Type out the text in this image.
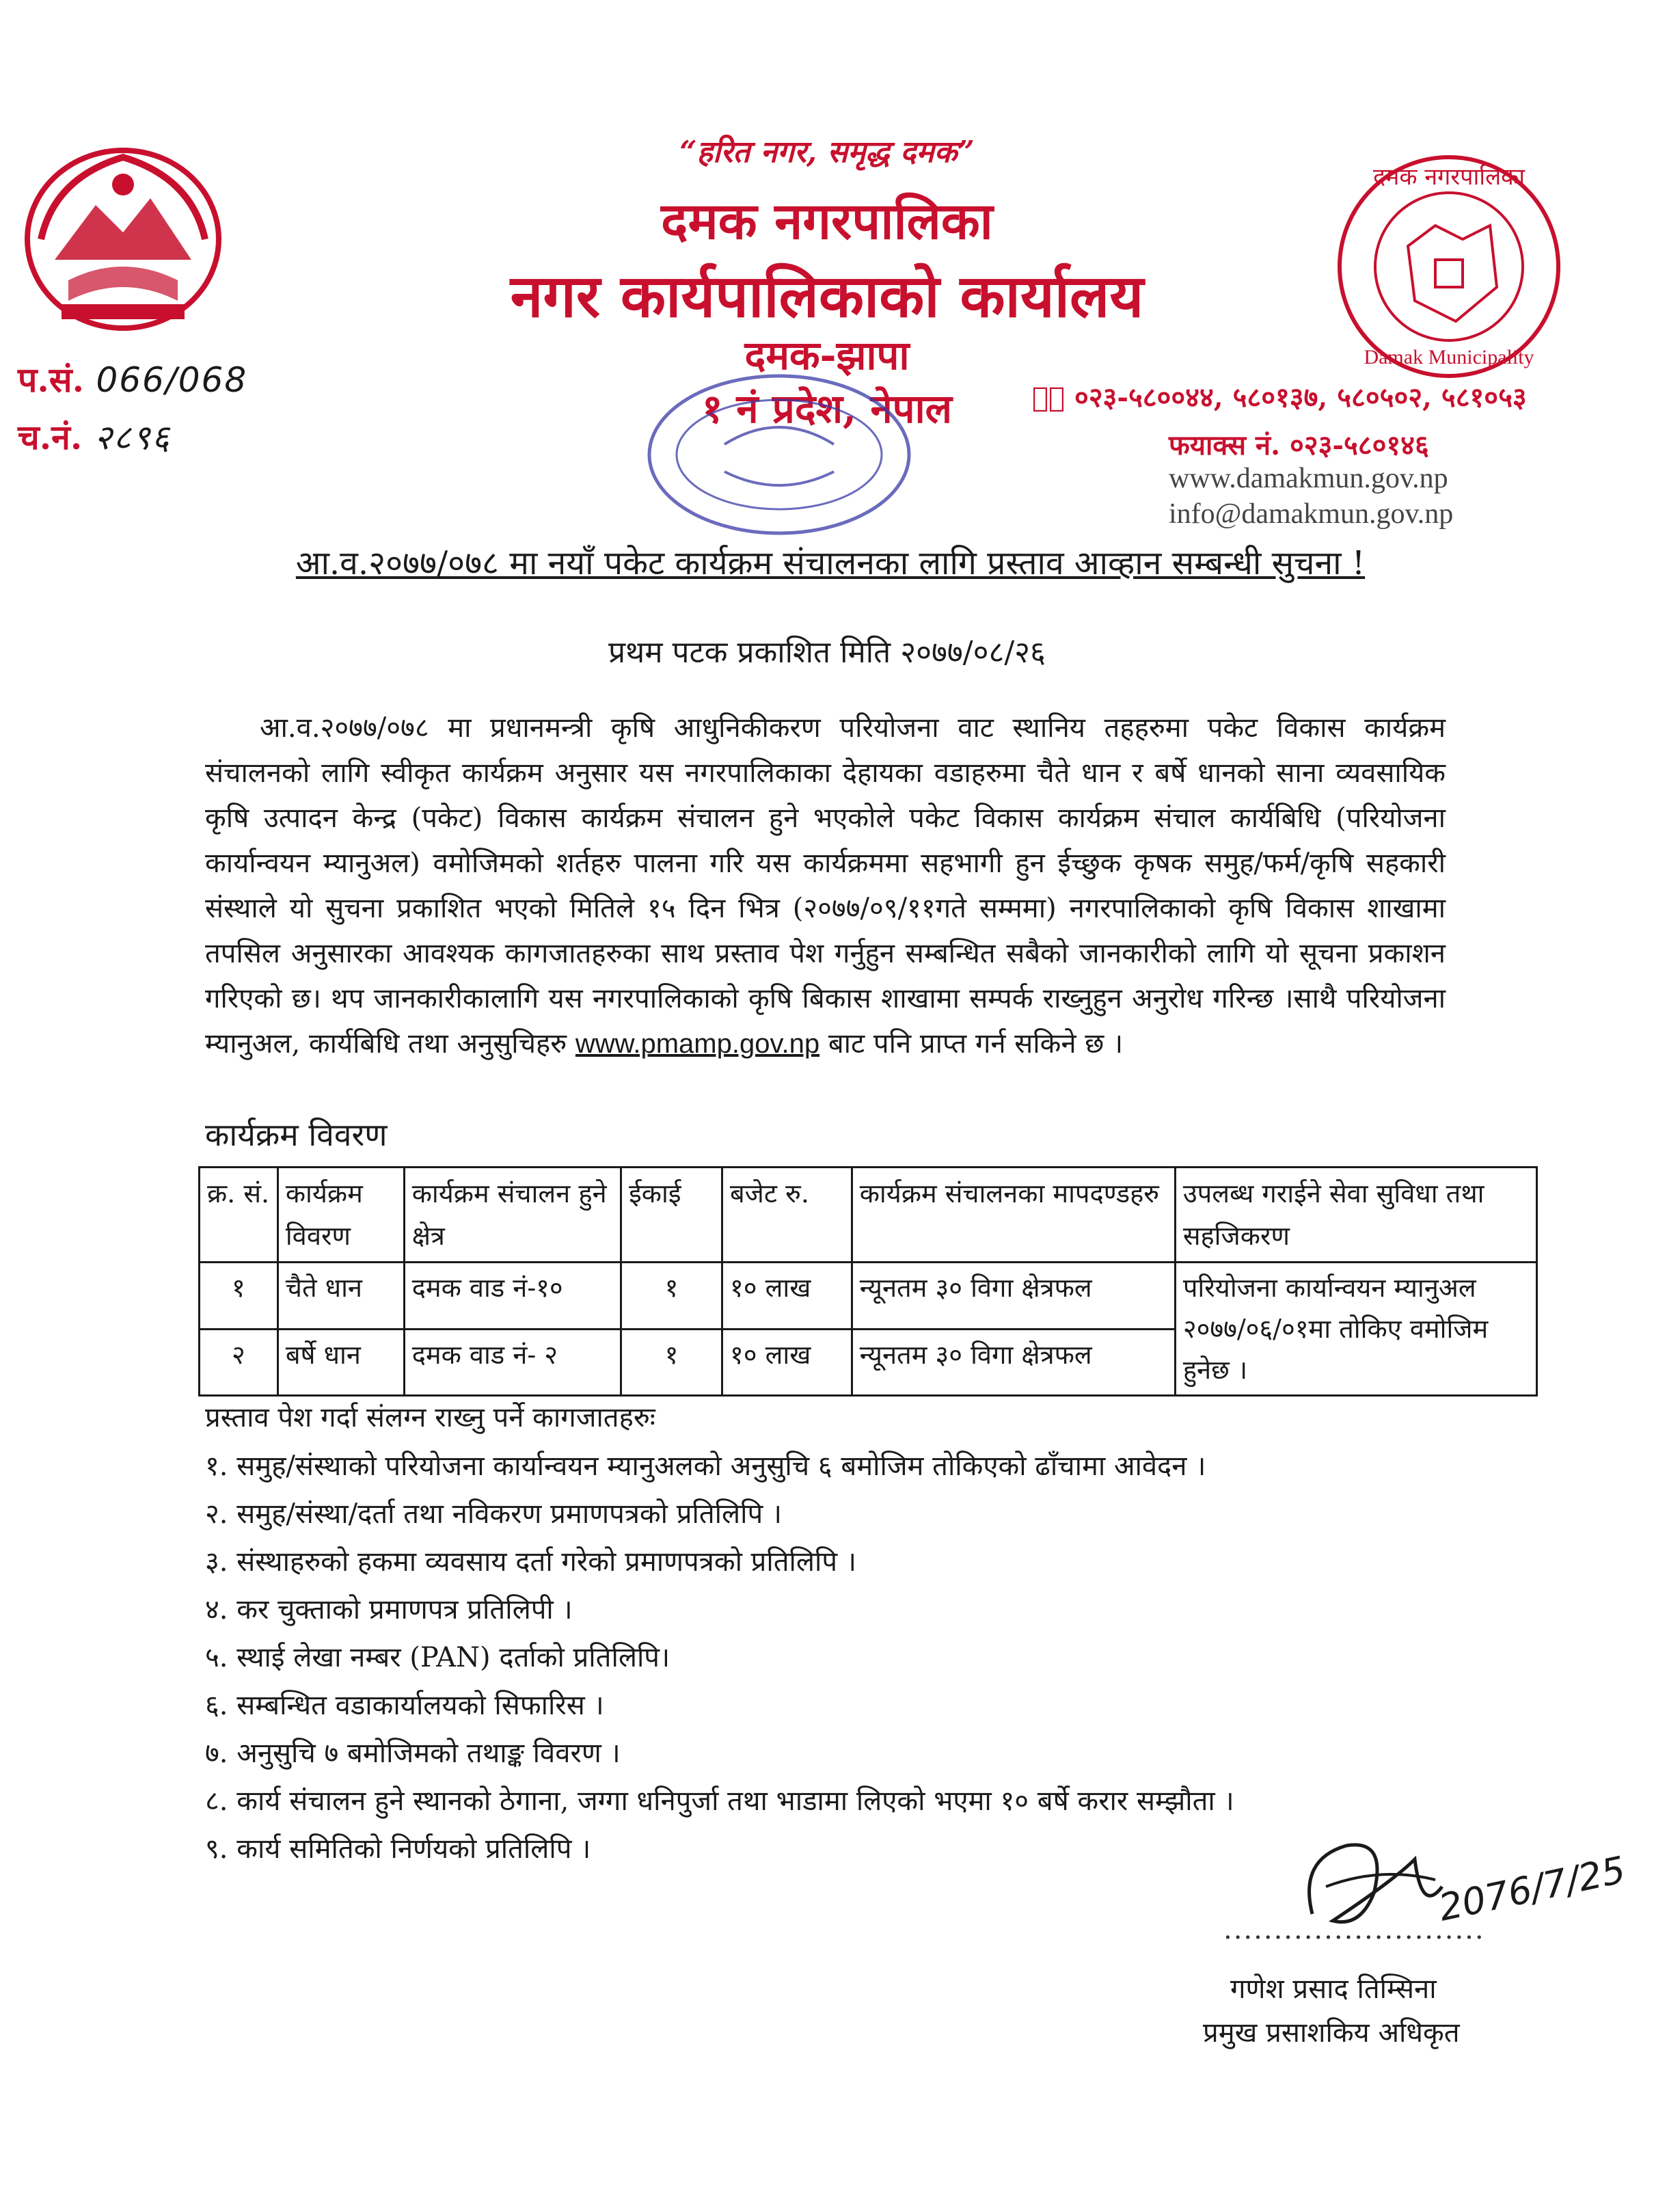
दमक नगरपालिका
Damak Municipality
“हरित नगर, समृद्ध दमक”
दमक नगरपालिका
नगर कार्यपालिकाको कार्यालय
दमक-झापा
१ नं प्रदेश, नेपाल
प.सं. 066/068
च.नं. २८९६
☎ः ०२३-५८००४४, ५८०१३७, ५८०५०२, ५८१०५३
फयाक्स नं. ०२३-५८०१४६
www.damakmun.gov.np
info@damakmun.gov.np
आ.व.२०७७/०७८ मा नयाँ पकेट कार्यक्रम संचालनका लागि प्रस्ताव आव्हान सम्बन्धी सुचना !
प्रथम पटक प्रकाशित मिति २०७७/०८/२६
आ.व.२०७७/०७८ मा प्रधानमन्त्री कृषि आधुनिकीकरण परियोजना वाट स्थानिय तहहरुमा पकेट विकास कार्यक्रम संचालनको लागि स्वीकृत कार्यक्रम अनुसार यस नगरपालिकाका देहायका वडाहरुमा चैते धान र बर्षे धानको साना व्यवसायिक कृषि उत्पादन केन्द्र (पकेट) विकास कार्यक्रम संचालन हुने भएकोले पकेट विकास कार्यक्रम संचाल कार्यबिधि (परियोजना कार्यान्वयन म्यानुअल) वमोजिमको शर्तहरु पालना गरि यस कार्यक्रममा सहभागी हुन ईच्छुक कृषक समुह/फर्म/कृषि सहकारी संस्थाले यो सुचना प्रकाशित भएको मितिले १५ दिन भित्र (२०७७/०९/११गते सम्ममा) नगरपालिकाको कृषि विकास शाखामा तपसिल अनुसारका आवश्यक कागजातहरुका साथ प्रस्ताव पेश गर्नुहुन सम्बन्धित सबैको जानकारीको लागि यो सूचना प्रकाशन गरिएको छ। थप जानकारीकालागि यस नगरपालिकाको कृषि बिकास शाखामा सम्पर्क राख्नुहुन अनुरोध गरिन्छ ।साथै परियोजना म्यानुअल, कार्यबिधि तथा अनुसुचिहरु www.pmamp.gov.np बाट पनि प्राप्त गर्न सकिने छ ।
कार्यक्रम विवरण
क्र. सं.	कार्यक्रम विवरण	कार्यक्रम संचालन हुने क्षेत्र	ईकाई	बजेट रु.	कार्यक्रम संचालनका मापदण्डहरु	उपलब्ध गराईने सेवा सुविधा तथा सहजिकरण
१	चैते धान	दमक वाड नं-१०	१	१० लाख	न्यूनतम ३० विगा क्षेत्रफल	परियोजना कार्यान्वयन म्यानुअल २०७७/०६/०१मा तोकिए वमोजिम हुनेछ ।
२	बर्षे धान	दमक वाड नं- २	१	१० लाख	न्यूनतम ३० विगा क्षेत्रफल	
प्रस्ताव पेश गर्दा संलग्न राख्नु पर्ने कागजातहरुः
१. समुह/संस्थाको परियोजना कार्यान्वयन म्यानुअलको अनुसुचि ६ बमोजिम तोकिएको ढाँचामा आवेदन ।
२. समुह/संस्था/दर्ता तथा नविकरण प्रमाणपत्रको प्रतिलिपि ।
३. संस्थाहरुको हकमा व्यवसाय दर्ता गरेको प्रमाणपत्रको प्रतिलिपि ।
४. कर चुक्ताको प्रमाणपत्र प्रतिलिपी ।
५. स्थाई लेखा नम्बर (PAN) दर्ताको प्रतिलिपि।
६. सम्बन्धित वडाकार्यालयको सिफारिस ।
७. अनुसुचि ७ बमोजिमको तथाङ्क विवरण ।
८. कार्य संचालन हुने स्थानको ठेगाना, जग्गा धनिपुर्जा तथा भाडामा लिएको भएमा १० बर्षे करार सम्झौता ।
९. कार्य समितिको निर्णयको प्रतिलिपि ।	2076/7/25
..........................
गणेश प्रसाद तिम्सिना
प्रमुख प्रसाशकिय अधिकृत
